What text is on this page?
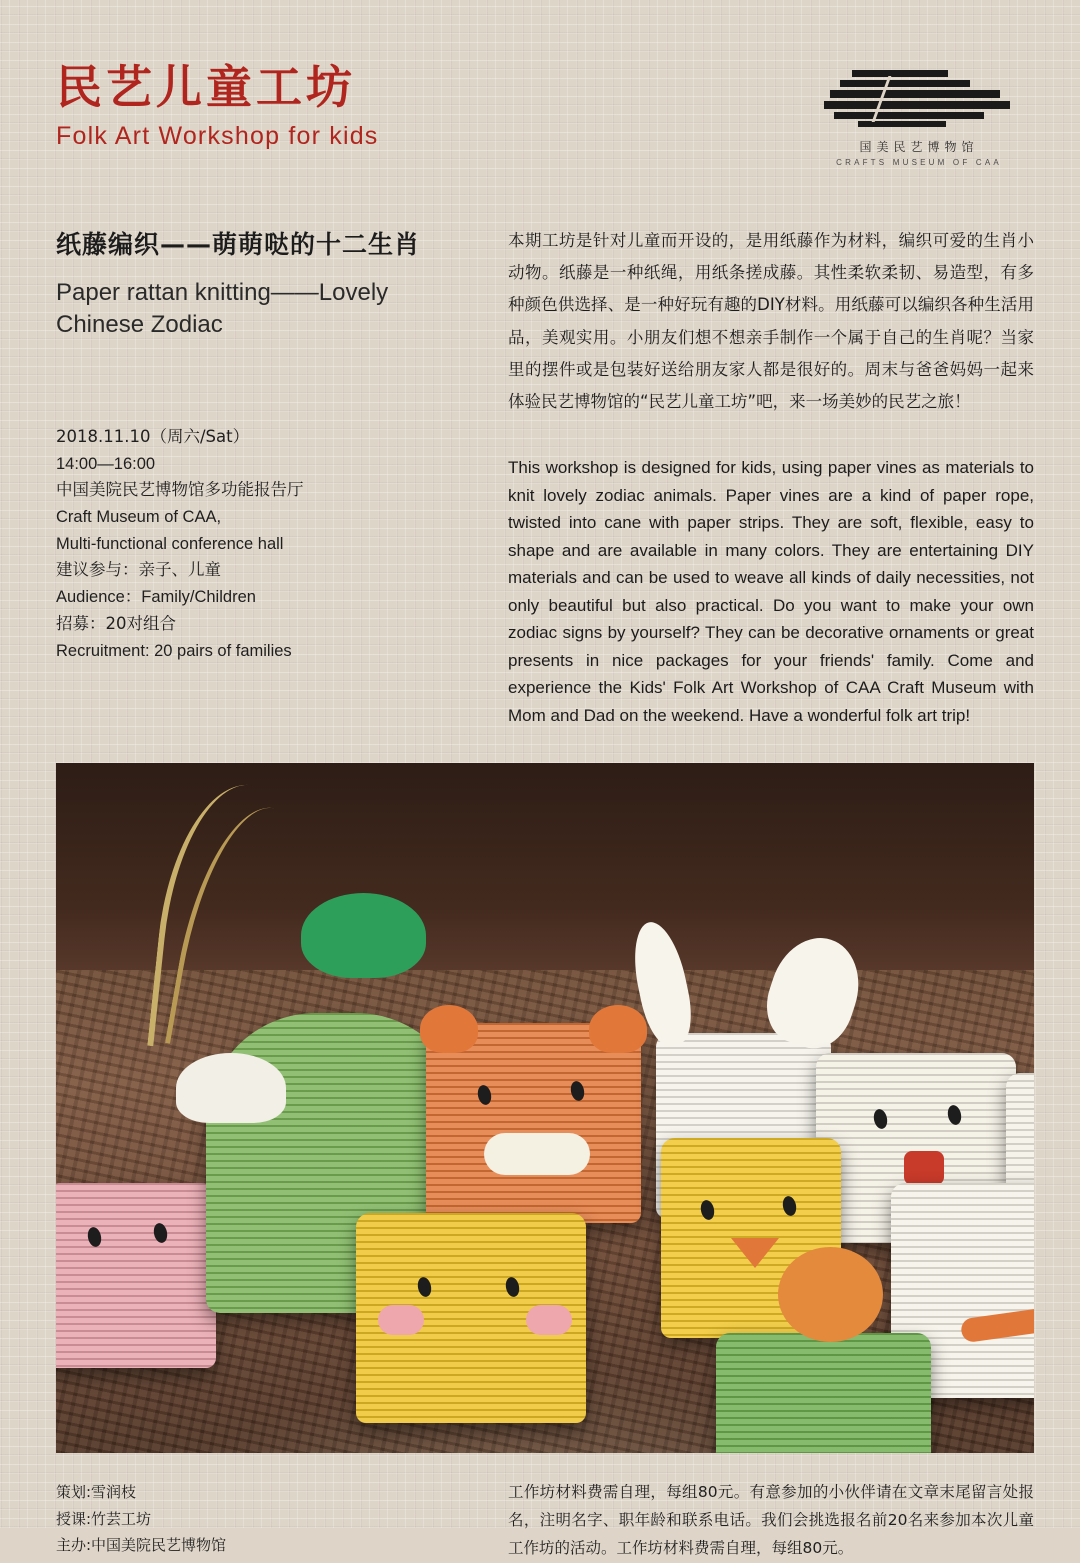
民艺儿童工坊
Folk Art Workshop for kids	国美民艺博物馆
CRAFTS MUSEUM OF CAA
纸藤编织——萌萌哒的十二生肖
Paper rattan knitting——Lovely Chinese Zodiac
2018.11.10（周六/Sat）
14:00—16:00
中国美院民艺博物馆多功能报告厅
Craft Museum of CAA,
Multi-functional conference hall
建议参与：亲子、儿童
Audience：Family/Children
招募：20对组合
Recruitment: 20 pairs of families

本期工坊是针对儿童而开设的，是用纸藤作为材料，编织可爱的生肖小动物。纸藤是一种纸绳，用纸条搓成藤。其性柔软柔韧、易造型，有多种颜色供选择、是一种好玩有趣的DIY材料。用纸藤可以编织各种生活用品，美观实用。小朋友们想不想亲手制作一个属于自己的生肖呢？当家里的摆件或是包装好送给朋友家人都是很好的。周末与爸爸妈妈一起来体验民艺博物馆的“民艺儿童工坊”吧，来一场美妙的民艺之旅！

This workshop is designed for kids, using paper vines as materials to knit lovely zodiac animals. Paper vines are a kind of paper rope, twisted into cane with paper strips. They are soft, flexible, easy to shape and are available in many colors. They are entertaining DIY materials and can be used to weave all kinds of daily necessities, not only beautiful but also practical. Do you want to make your own zodiac signs by yourself? They can be decorative ornaments or great presents in nice packages for your friends' family. Come and experience the Kids' Folk Art Workshop of CAA Craft Museum with Mom and Dad on the weekend. Have a wonderful folk art trip!

策划:雪润枝
授课:竹芸工坊
主办:中国美院民艺博物馆
工作坊材料费需自理，每组80元。有意参加的小伙伴请在文章末尾留言处报名，注明名字、职年龄和联系电话。我们会挑选报名前20名来参加本次儿童工作坊的活动。工作坊材料费需自理，每组80元。
